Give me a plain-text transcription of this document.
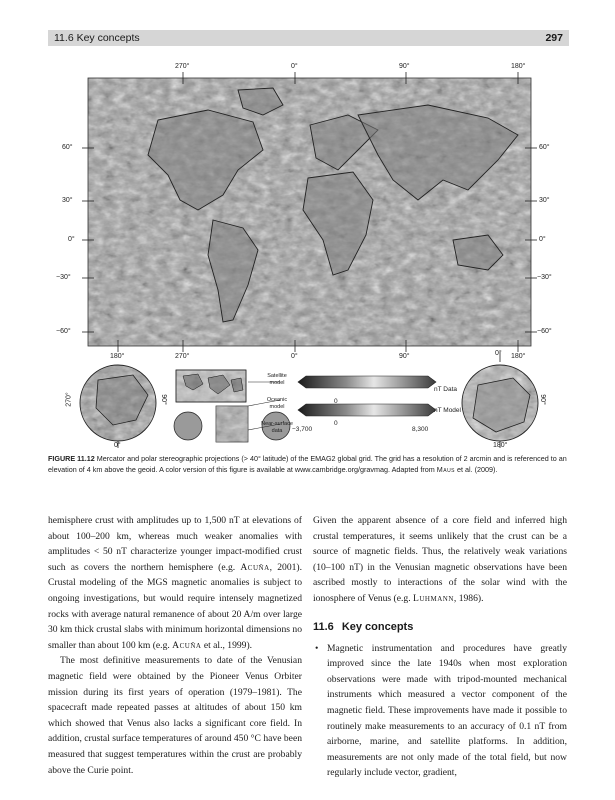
11.6 Key concepts	297
270°	0°	90°	180°
60°
30°
0°
−30°
−60°
60°
30°
0°
−30°
−60°
180°	270°	0°	90°	0° 180°
270°	90°
0°
90°
180°
Satellite model
Oceanic model
Near-surface data
nT Data
nT Model
0
0
−3,700	8,300
FIGURE 11.12 Mercator and polar stereographic projections (> 40° latitude) of the EMAG2 global grid. The grid has a resolution of 2 arcmin and is referenced to an elevation of 4 km above the geoid. A color version of this figure is available at www.cambridge.org/gravmag. Adapted from Maus et al. (2009).

hemisphere crust with amplitudes up to 1,500 nT at elevations of about 100–200 km, whereas much weaker anomalies with amplitudes < 50 nT characterize younger impact-modified crust such as covers the northern hemisphere (e.g. Acuña, 2001). Crustal modeling of the MGS magnetic anomalies is subject to ongoing investigations, but would require intensely magnetized rocks with average natural remanence of about 20 A/m over large 30 km thick crustal slabs with minimum horizontal dimensions no smaller than about 100 km (e.g. Acuña et al., 1999).

The most definitive measurements to date of the Venusian magnetic field were obtained by the Pioneer Venus Orbiter mission during its first years of operation (1979–1981). The spacecraft made repeated passes at altitudes of about 150 km which showed that Venus also lacks a significant core field. In addition, crustal surface temperatures of around 450 °C have been measured that suggest temperatures within the crust are probably above the Curie point.

Given the apparent absence of a core field and inferred high crustal temperatures, it seems unlikely that the crust can be a source of magnetic fields. Thus, the relatively weak variations (10–100 nT) in the Venusian magnetic observations have been ascribed mostly to interactions of the solar wind with the ionosphere of Venus (e.g. Luhmann, 1986).

11.6 Key concepts

• Magnetic instrumentation and procedures have greatly improved since the late 1940s when most exploration observations were made with tripod-mounted mechanical instruments which measured a vector component of the magnetic field. These improvements have made it possible to routinely make measurements to an accuracy of 0.1 nT from airborne, marine, and satellite platforms. In addition, measurements are not only made of the total field, but now regularly include vector, gradient,
